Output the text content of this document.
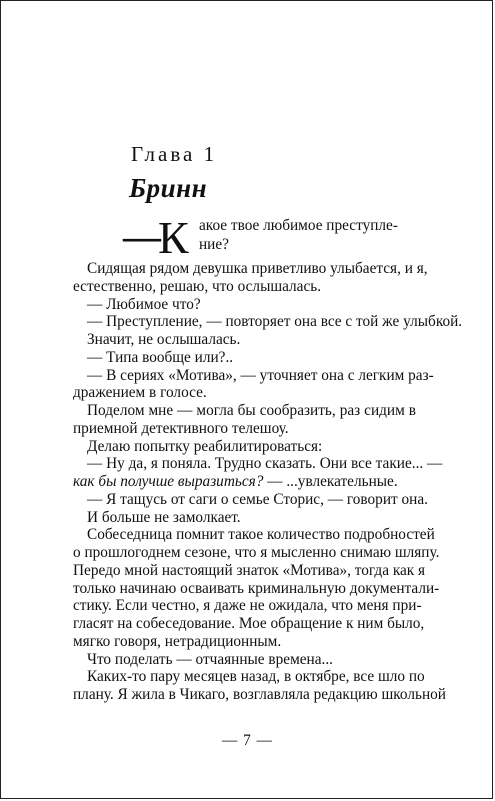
Глава 1
Бринн
—
К акое твое любимое преступле-
ние?
Сидящая рядом девушка приветливо улыбается, и я,
естественно, решаю, что ослышалась.
— Любимое что?
— Преступление, — повторяет она все с той же улыбкой.
Значит, не ослышалась.
— Типа вообще или?..
— В сериях «Мотива», — уточняет она с легким раз-
дражением в голосе.
Поделом мне — могла бы сообразить, раз сидим в
приемной детективного телешоу.
Делаю попытку реабилитироваться:
— Ну да, я поняла. Трудно сказать. Они все такие... —
как бы получше выразиться? — ...увлекательные.
— Я тащусь от саги о семье Сторис, — говорит она.
И больше не замолкает.
Собеседница помнит такое количество подробностей
о прошлогоднем сезоне, что я мысленно снимаю шляпу.
Передо мной настоящий знаток «Мотива», тогда как я
только начинаю осваивать криминальную документали-
стику. Если честно, я даже не ожидала, что меня при-
гласят на собеседование. Мое обращение к ним было,
мягко говоря, нетрадиционным.
Что поделать — отчаянные времена...
Каких-то пару месяцев назад, в октябре, все шло по
плану. Я жила в Чикаго, возглавляла редакцию школьной
— 7 —
